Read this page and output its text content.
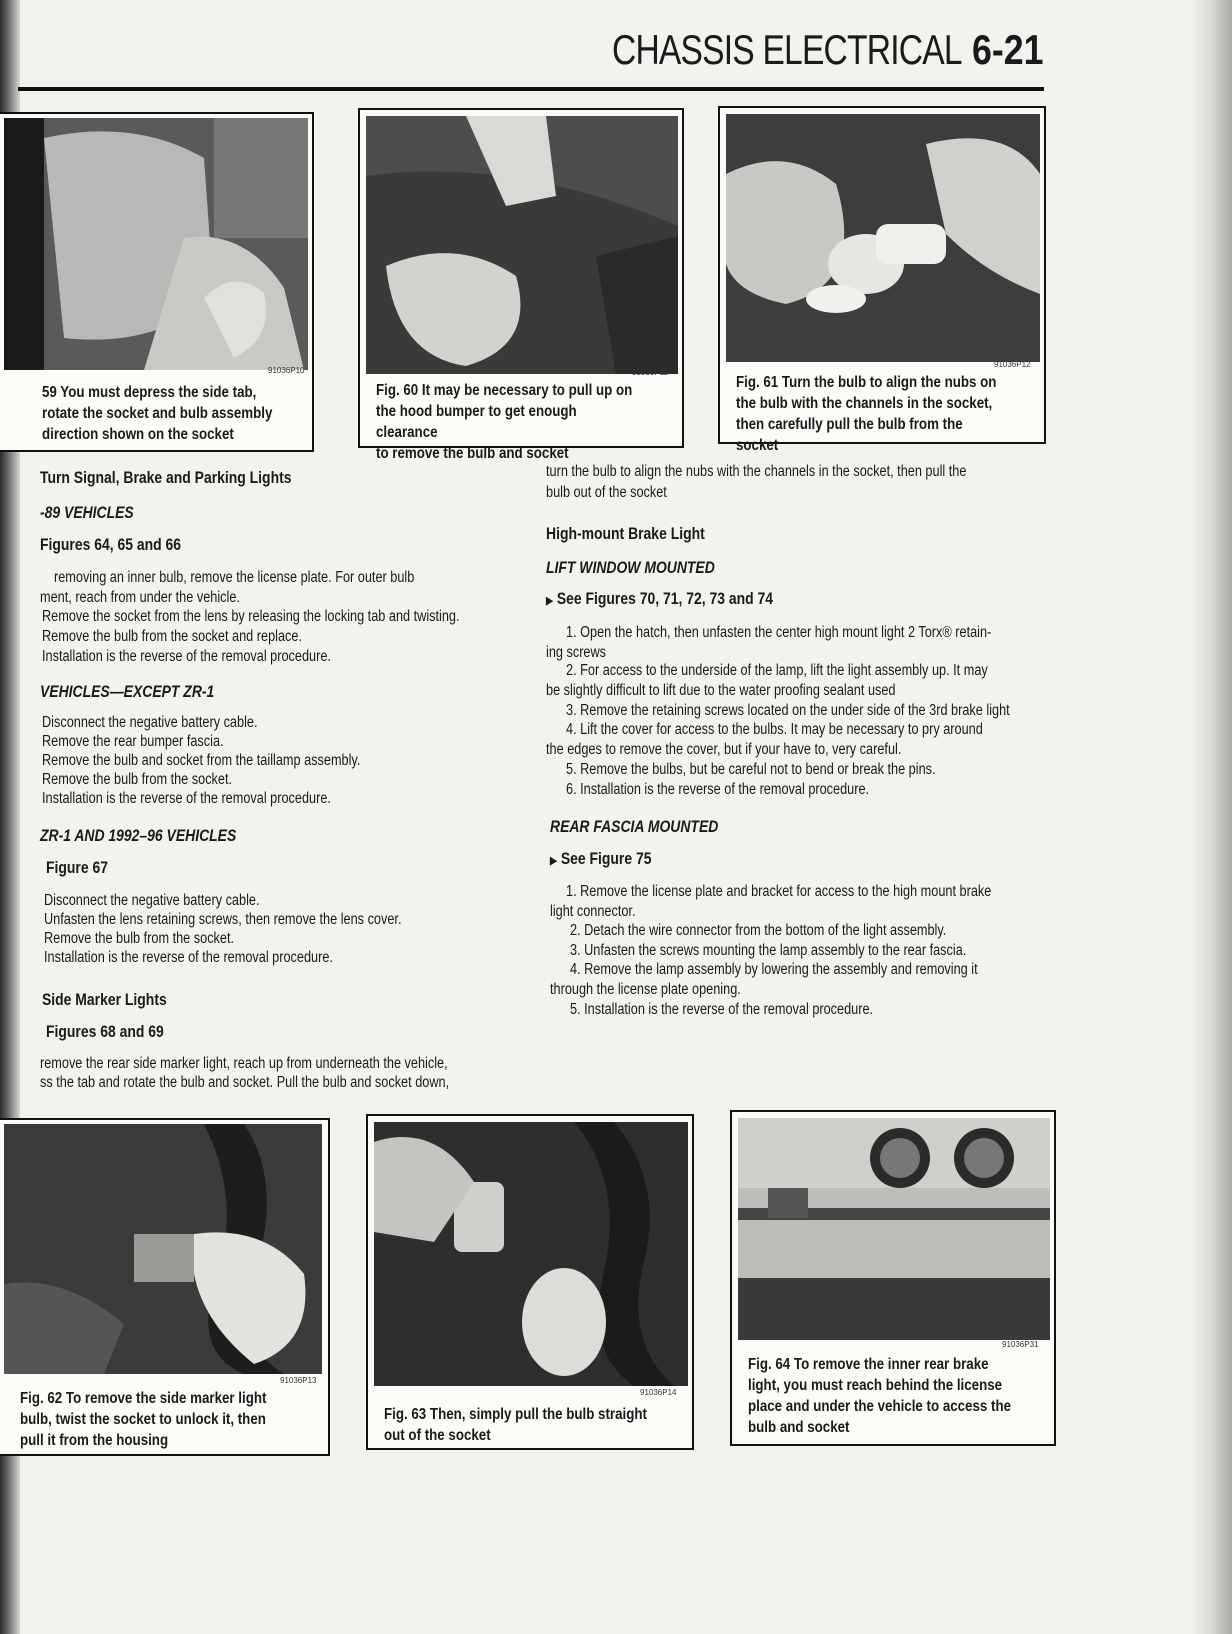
CHASSIS ELECTRICAL 6-21
91036P10
59 You must depress the side tab,
rotate the socket and bulb assembly
direction shown on the socket
91036P11
Fig. 60 It may be necessary to pull up on
the hood bumper to get enough clearance
to remove the bulb and socket
91036P12
Fig. 61 Turn the bulb to align the nubs on
the bulb with the channels in the socket,
then carefully pull the bulb from the socket
Turn Signal, Brake and Parking Lights
-89 VEHICLES
Figures 64, 65 and 66
removing an inner bulb, remove the license plate. For outer bulb
ment, reach from under the vehicle.
Remove the socket from the lens by releasing the locking tab and twisting.
Remove the bulb from the socket and replace.
Installation is the reverse of the removal procedure.
VEHICLES—EXCEPT ZR-1
Disconnect the negative battery cable.
Remove the rear bumper fascia.
Remove the bulb and socket from the taillamp assembly.
Remove the bulb from the socket.
Installation is the reverse of the removal procedure.
ZR-1 AND 1992–96 VEHICLES
Figure 67
Disconnect the negative battery cable.
Unfasten the lens retaining screws, then remove the lens cover.
Remove the bulb from the socket.
Installation is the reverse of the removal procedure.
Side Marker Lights
Figures 68 and 69
remove the rear side marker light, reach up from underneath the vehicle,
ss the tab and rotate the bulb and socket. Pull the bulb and socket down,
turn the bulb to align the nubs with the channels in the socket, then pull the
bulb out of the socket
High-mount Brake Light
LIFT WINDOW MOUNTED
▶ See Figures 70, 71, 72, 73 and 74
1. Open the hatch, then unfasten the center high mount light 2 Torx® retain-
ing screws
2. For access to the underside of the lamp, lift the light assembly up. It may
be slightly difficult to lift due to the water proofing sealant used
3. Remove the retaining screws located on the under side of the 3rd brake light
4. Lift the cover for access to the bulbs. It may be necessary to pry around
the edges to remove the cover, but if your have to, very careful.
5. Remove the bulbs, but be careful not to bend or break the pins.
6. Installation is the reverse of the removal procedure.
REAR FASCIA MOUNTED
▶ See Figure 75
1. Remove the license plate and bracket for access to the high mount brake
light connector.
2. Detach the wire connector from the bottom of the light assembly.
3. Unfasten the screws mounting the lamp assembly to the rear fascia.
4. Remove the lamp assembly by lowering the assembly and removing it
through the license plate opening.
5. Installation is the reverse of the removal procedure.
91036P13
Fig. 62 To remove the side marker light
bulb, twist the socket to unlock it, then
pull it from the housing
91036P14
Fig. 63 Then, simply pull the bulb straight
out of the socket
91036P31
Fig. 64 To remove the inner rear brake
light, you must reach behind the license
place and under the vehicle to access the
bulb and socket
